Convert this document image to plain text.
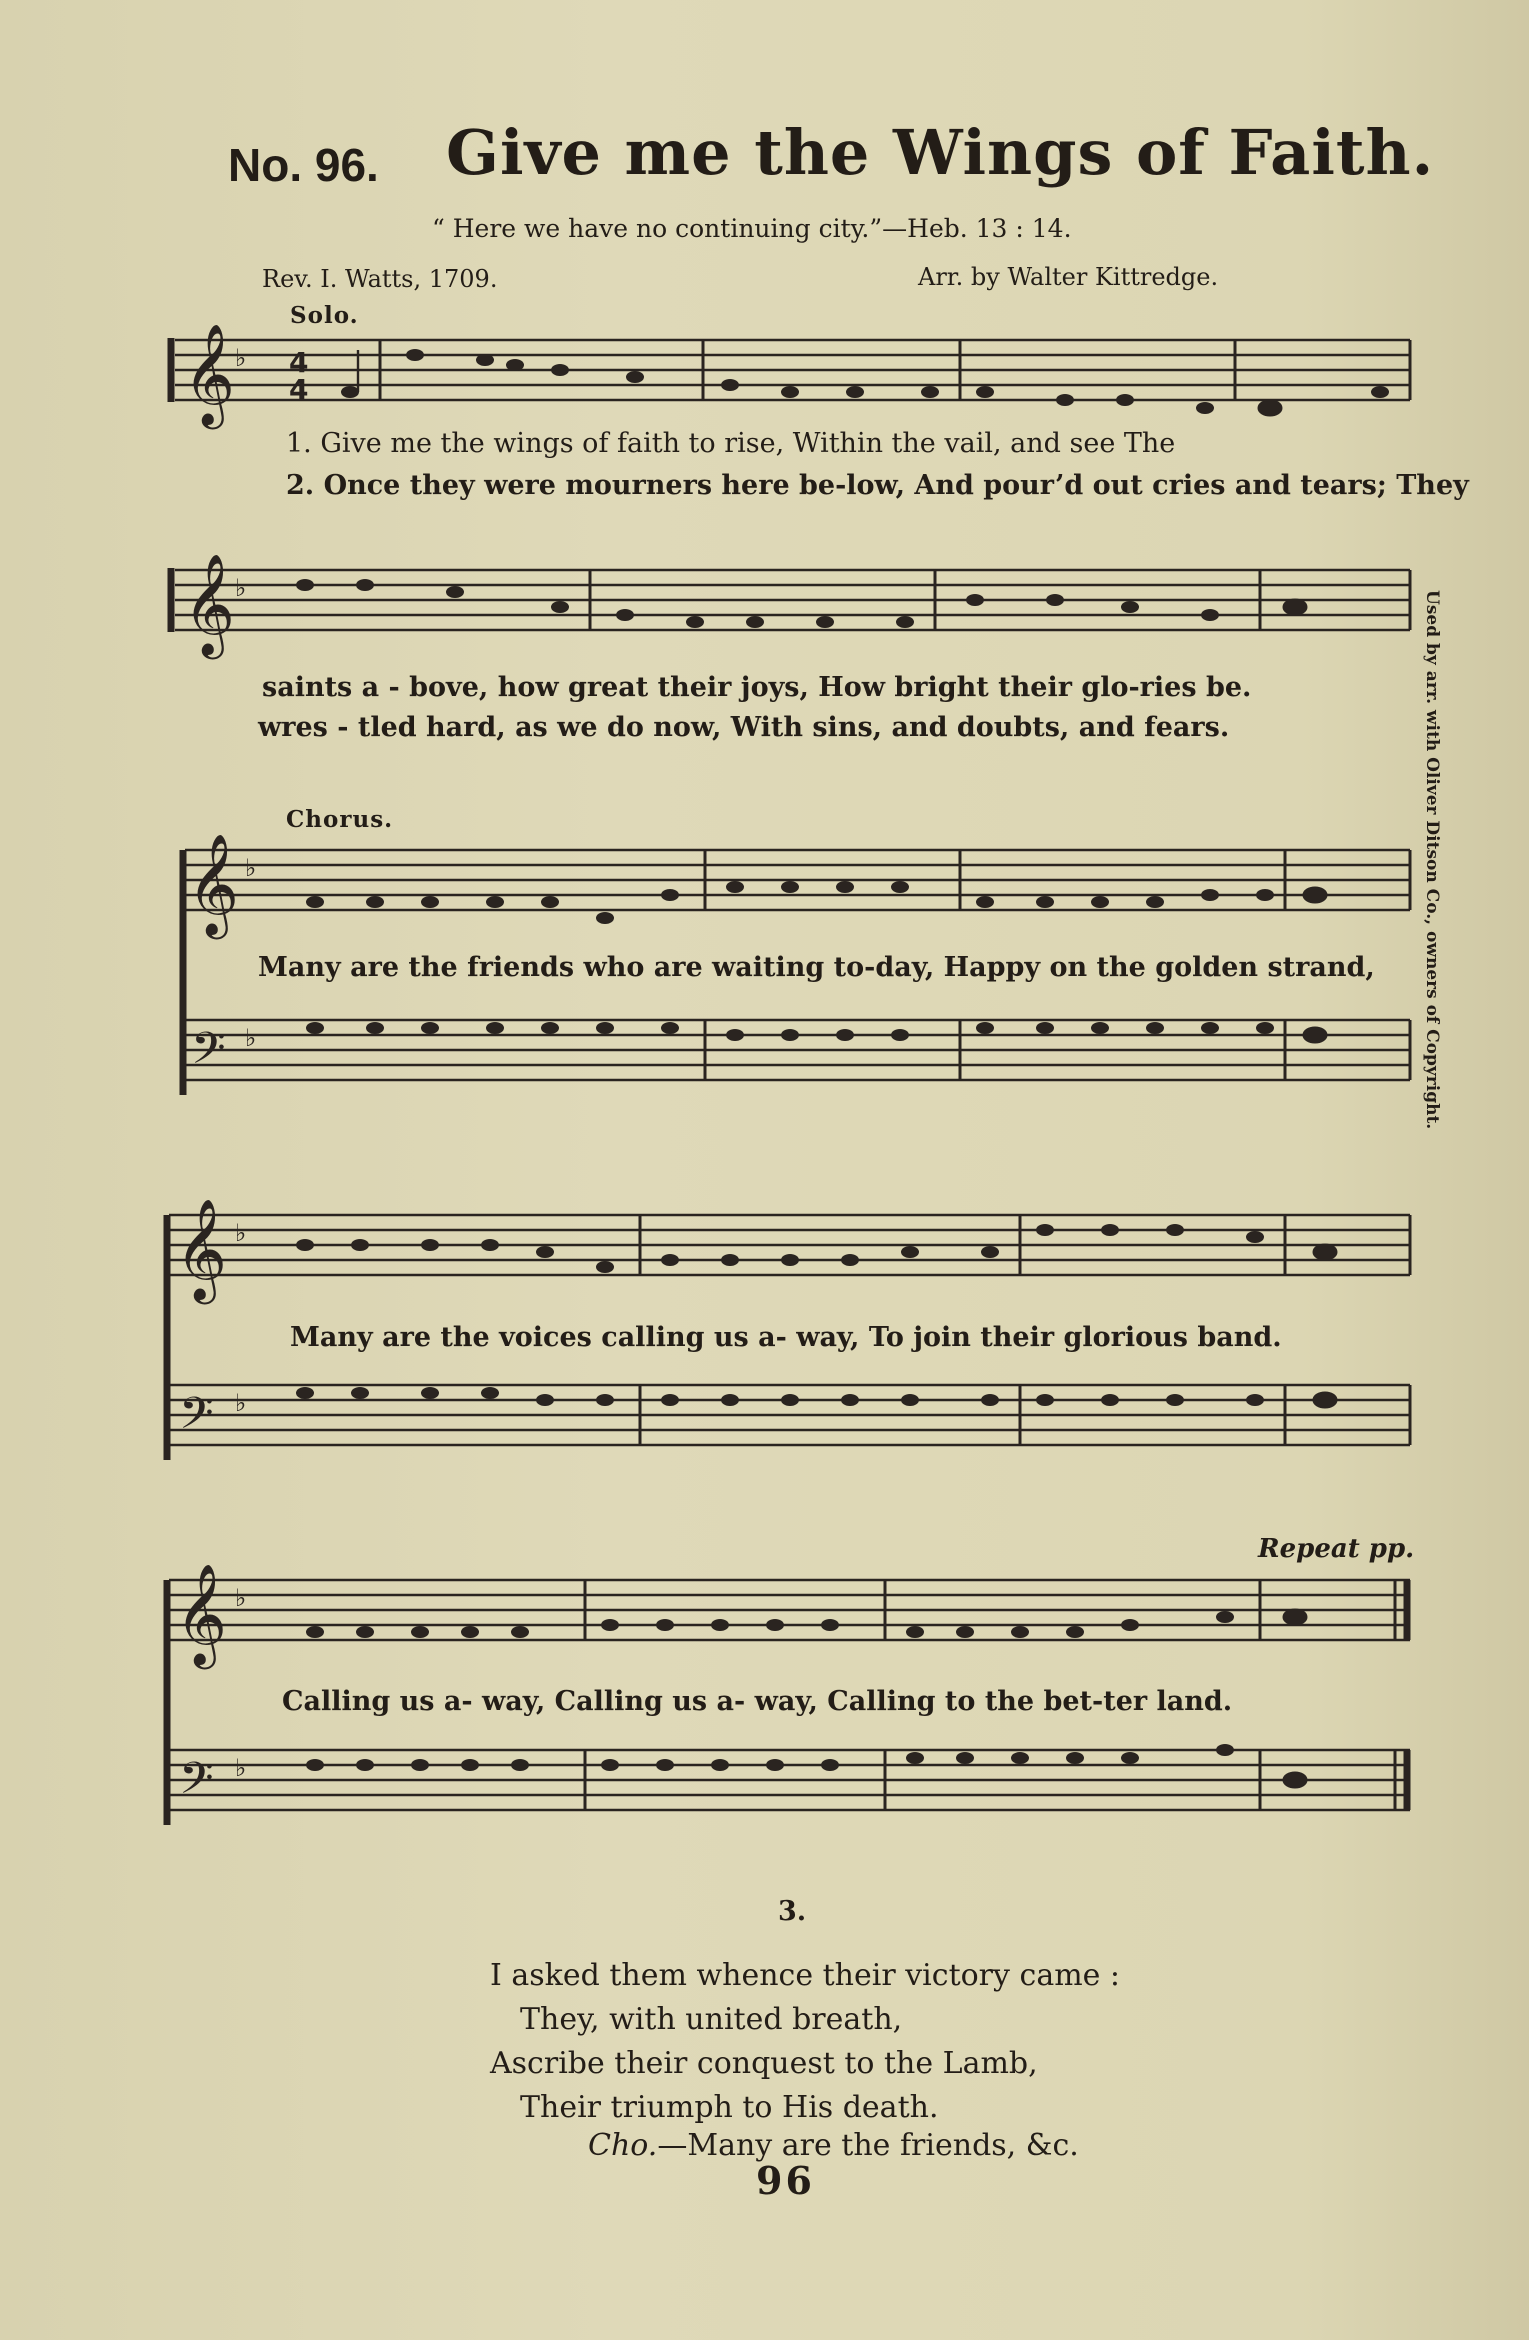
No. 96. Give me the Wings of Faith.
“ Here we have no continuing city.”—Heb. 13 : 14.
Rev. I. Watts, 1709.	Arr. by Walter Kittredge.
Solo.
𝄞 ♭ 4
4
1. Give me the wings of faith to rise, Within the vail, and see The
2. Once they were mourners here be-low, And pour’d out cries and tears; They
𝄞 ♭
saints a - bove, how great their joys, How bright their glo-ries be.
wres - tled hard, as we do now, With sins, and doubts, and fears.
Chorus.
𝄞 ♭
𝄢 ♭
Many are the friends who are waiting to-day, Happy on the golden strand,
𝄞 ♭
𝄢 ♭
Many are the voices calling us a- way, To join their glorious band.
Repeat pp.
𝄞 ♭
𝄢 ♭
Calling us a- way, Calling us a- way, Calling to the bet-ter land.
Used by arr. with Oliver Ditson Co., owners of Copyright.
3.
I asked them whence their victory came :
They, with united breath,
Ascribe their conquest to the Lamb,
Their triumph to His death.
Cho.—Many are the friends, &c.
96
